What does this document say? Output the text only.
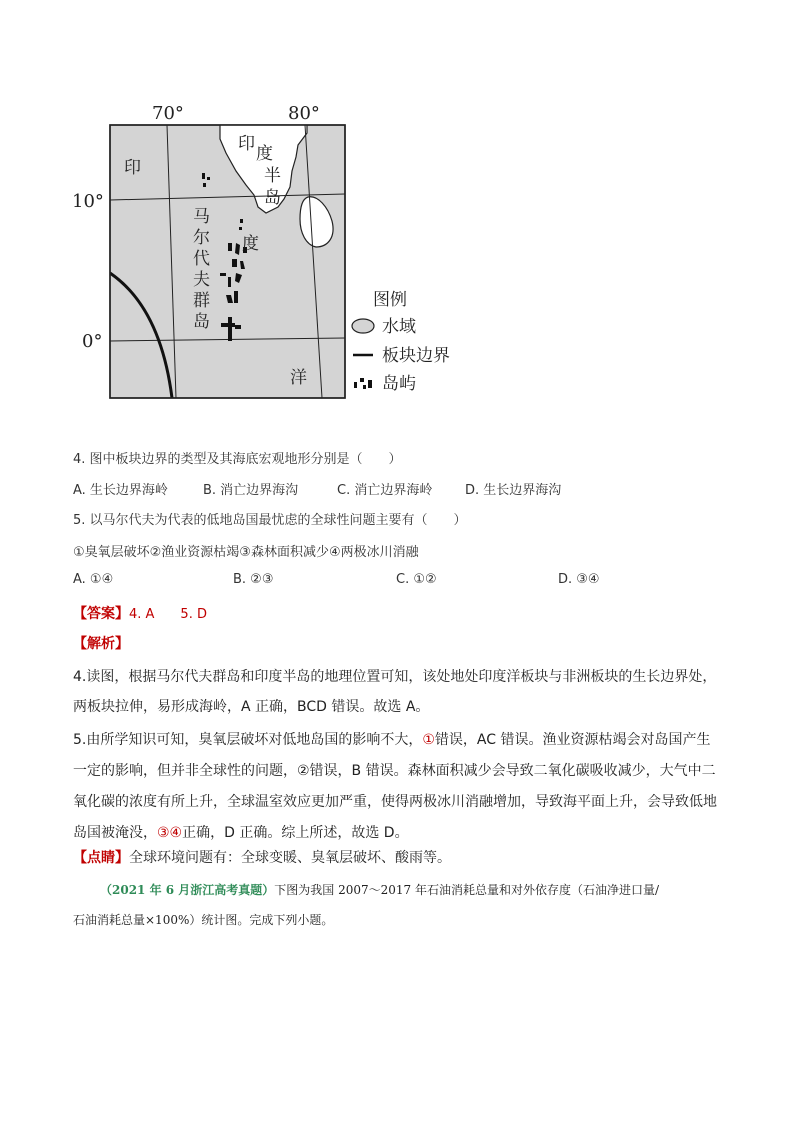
70°	80°
10°
0°
印
度
洋
印 度
半
岛
马
尔
代
夫
群
岛
图例
水域
板块边界
岛屿
4. 图中板块边界的类型及其海底宏观地形分别是（　　）
A. 生长边界海岭	B. 消亡边界海沟	C. 消亡边界海岭	D. 生长边界海沟
5. 以马尔代夫为代表的低地岛国最忧虑的全球性问题主要有（　　）
①臭氧层破坏②渔业资源枯竭③森林面积减少④两极冰川消融
A. ①④	B. ②③	C. ①②	D. ③④
【答案】4. A　　5. D
【解析】
4.读图，根据马尔代夫群岛和印度半岛的地理位置可知，该处地处印度洋板块与非洲板块的生长边界处，
两板块拉伸，易形成海岭，A 正确，BCD 错误。故选 A。
5.由所学知识可知，臭氧层破坏对低地岛国的影响不大，①错误，AC 错误。渔业资源枯竭会对岛国产生
一定的影响，但并非全球性的问题，②错误，B 错误。森林面积减少会导致二氧化碳吸收减少，大气中二
氧化碳的浓度有所上升，全球温室效应更加严重，使得两极冰川消融增加，导致海平面上升，会导致低地
岛国被淹没，③④正确，D 正确。综上所述，故选 D。
【点睛】全球环境问题有：全球变暖、臭氧层破坏、酸雨等。
（2021 年 6 月浙江高考真题）下图为我国 2007～2017 年石油消耗总量和对外依存度（石油净进口量/
石油消耗总量×100%）统计图。完成下列小题。
